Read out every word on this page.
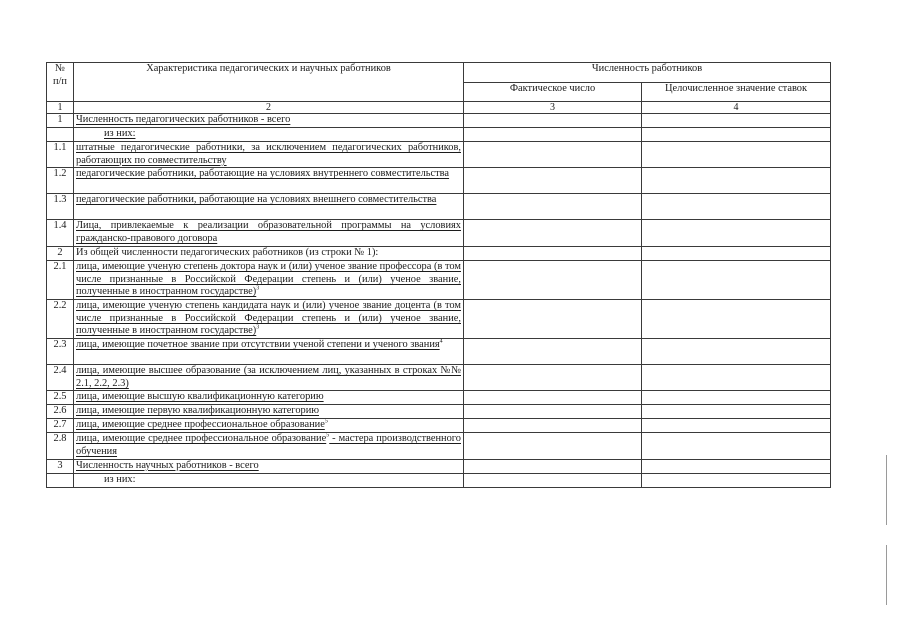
№
п/п	Характеристика педагогических и научных работников	Численность работников	
		Фактическое число	Целочисленное значение ставок
1	2	3	4
1	Численность педагогических работников - всего		
	из них:		
1.1	штатные педагогические работники, за исключением педагогических работников, работающих по совместительству		
1.2	педагогические работники, работающие на условиях внутреннего совместительства		
1.3	педагогические работники, работающие на условиях внешнего совместительства		
1.4	Лица, привлекаемые к реализации образовательной программы на условиях гражданско-правового договора		
2	Из общей численности педагогических работников (из строки № 1):		
2.1	лица, имеющие ученую степень доктора наук и (или) ученое звание профессора (в том числе признанные в Российской Федерации степень и (или) ученое звание, полученные в иностранном государстве)$^3$		
2.2	лица, имеющие ученую степень кандидата наук и (или) ученое звание доцента (в том числе признанные в Российской Федерации степень и (или) ученое звание, полученные в иностранном государстве)$^3$		
2.3	лица, имеющие почетное звание при отсутствии ученой степени и ученого звания$^4$		
2.4	лица, имеющие высшее образование (за исключением лиц, указанных в строках №№ 2.1, 2.2, 2.3)		
2.5	лица, имеющие высшую квалификационную категорию		
2.6	лица, имеющие первую квалификационную категорию		
2.7	лица, имеющие среднее профессиональное образование$^5$		
2.8	лица, имеющие среднее профессиональное образование$^5$ - мастера производственного обучения		
3	Численность научных работников - всего		
	из них:		
